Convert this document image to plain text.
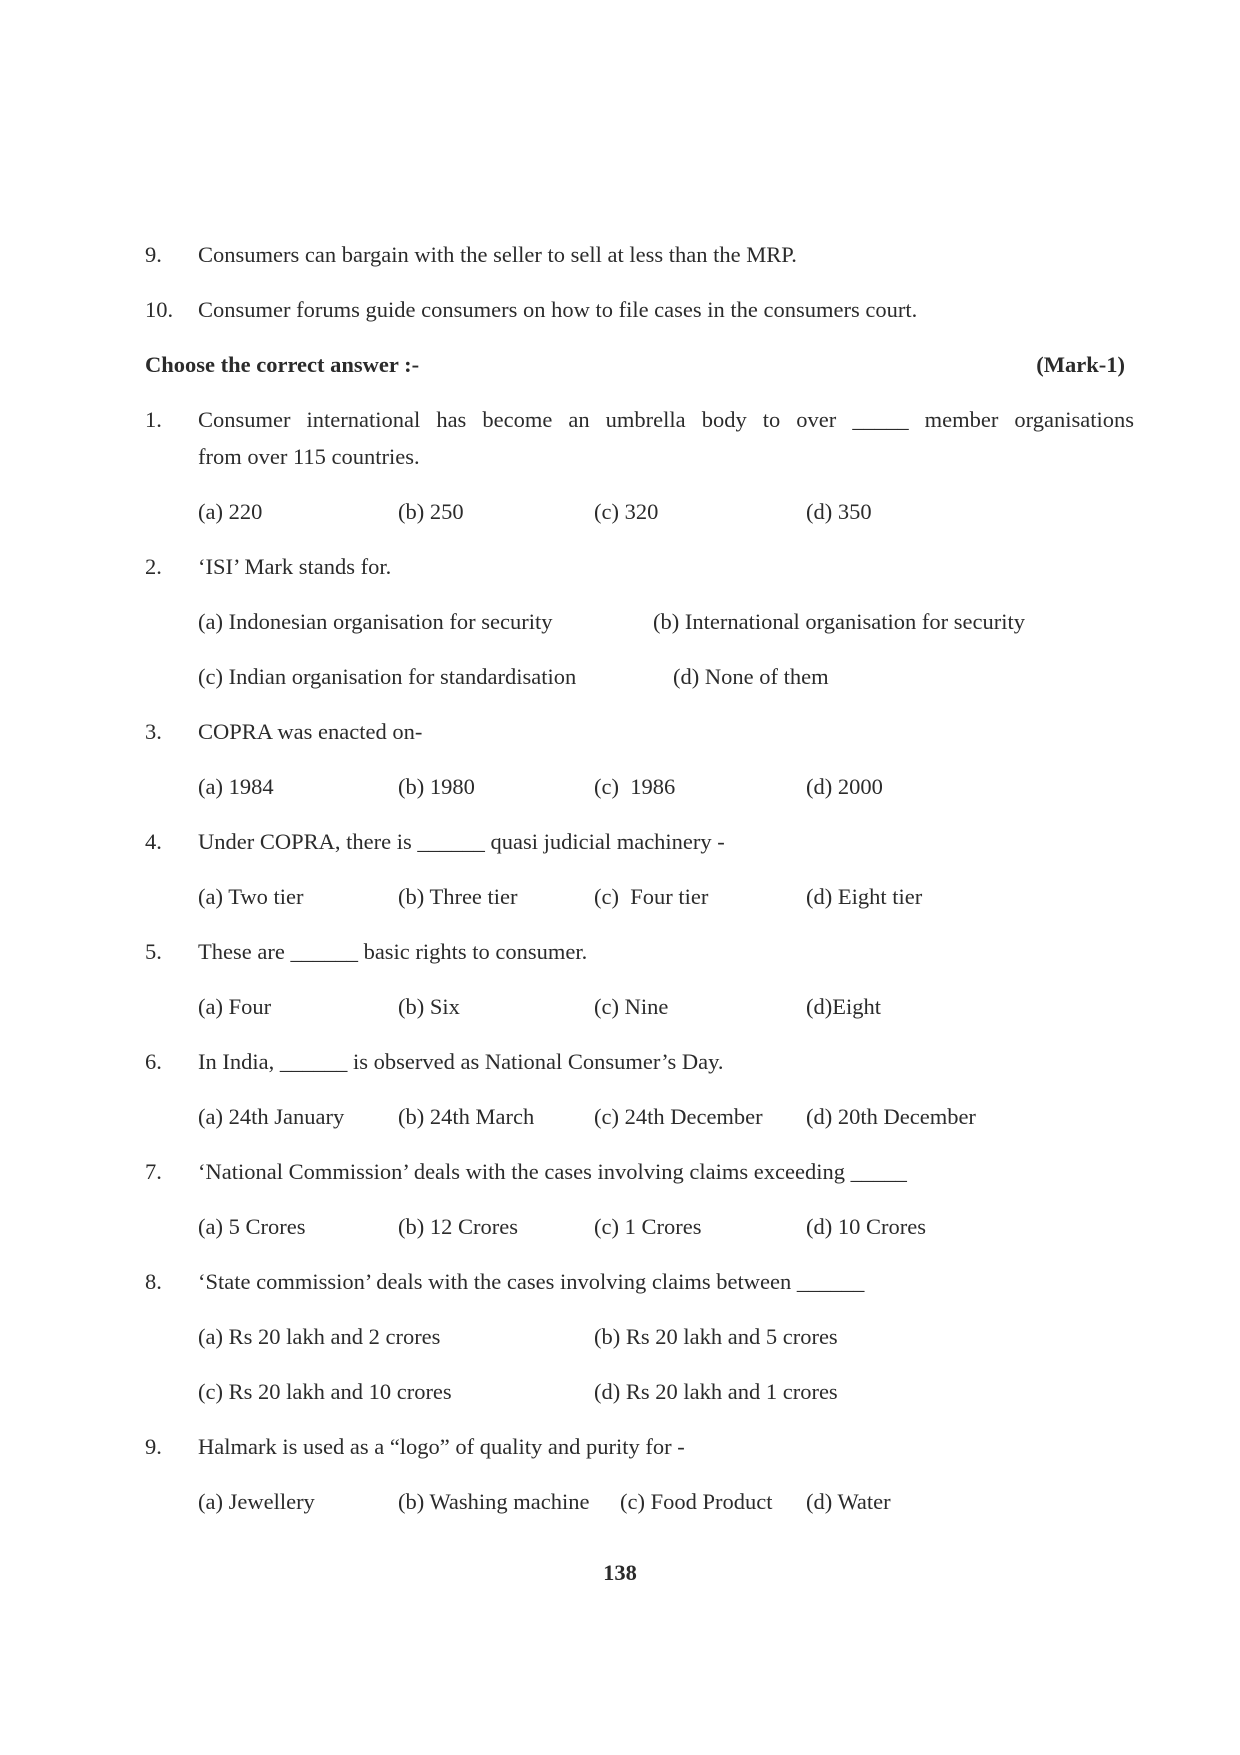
9. Consumers can bargain with the seller to sell at less than the MRP.
10. Consumer forums guide consumers on how to file cases in the consumers court.
Choose the correct answer :-	(Mark-1)
1. Consumer international has become an umbrella body to over _____ member organisations
from over 115 countries.
(a) 220	(b) 250	(c) 320	(d) 350
2. ‘ISI’ Mark stands for.
(a) Indonesian organisation for security	(b) International organisation for security
(c) Indian organisation for standardisation	(d) None of them
3. COPRA was enacted on-
(a) 1984	(b) 1980	(c)  1986	(d) 2000
4. Under COPRA, there is ______ quasi judicial machinery -
(a) Two tier	(b) Three tier	(c)  Four tier	(d) Eight tier
5. These are ______ basic rights to consumer.
(a) Four	(b) Six	(c) Nine	(d)Eight
6. In India, ______ is observed as National Consumer’s Day.
(a) 24th January (b) 24th March	(c) 24th December (d) 20th December
7. ‘National Commission’ deals with the cases involving claims exceeding _____
(a) 5 Crores	(b) 12 Crores	(c) 1 Crores	(d) 10 Crores
8. ‘State commission’ deals with the cases involving claims between ______
(a) Rs 20 lakh and 2 crores	(b) Rs 20 lakh and 5 crores
(c) Rs 20 lakh and 10 crores	(d) Rs 20 lakh and 1 crores
9. Halmark is used as a “logo” of quality and purity for -
(a) Jewellery	(b) Washing machine (c) Food Product (d) Water
138
